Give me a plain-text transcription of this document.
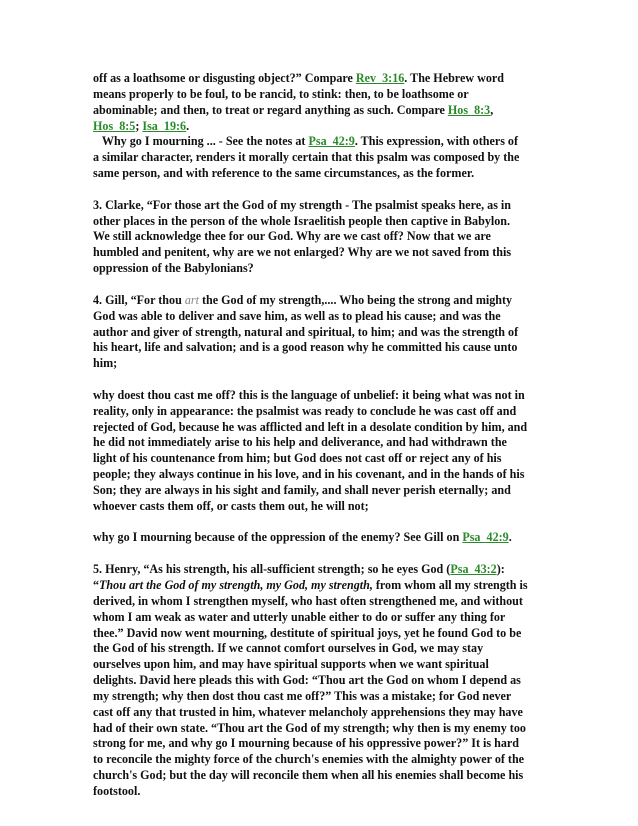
off as a loathsome or disgusting object?” Compare Rev_3:16. The Hebrew word
means properly to be foul, to be rancid, to stink: then, to be loathsome or
abominable; and then, to treat or regard anything as such. Compare Hos_8:3,
Hos_8:5; Isa_19:6.
Why go I mourning ... - See the notes at Psa_42:9. This expression, with others of
a similar character, renders it morally certain that this psalm was composed by the
same person, and with reference to the same circumstances, as the former.
3. Clarke, “For those art the God of my strength - The psalmist speaks here, as in
other places in the person of the whole Israelitish people then captive in Babylon.
We still acknowledge thee for our God. Why are we cast off? Now that we are
humbled and penitent, why are we not enlarged? Why are we not saved from this
oppression of the Babylonians?
4. Gill, “For thou art the God of my strength,.... Who being the strong and mighty
God was able to deliver and save him, as well as to plead his cause; and was the
author and giver of strength, natural and spiritual, to him; and was the strength of
his heart, life and salvation; and is a good reason why he committed his cause unto
him;
why doest thou cast me off? this is the language of unbelief: it being what was not in
reality, only in appearance: the psalmist was ready to conclude he was cast off and
rejected of God, because he was afflicted and left in a desolate condition by him, and
he did not immediately arise to his help and deliverance, and had withdrawn the
light of his countenance from him; but God does not cast off or reject any of his
people; they always continue in his love, and in his covenant, and in the hands of his
Son; they are always in his sight and family, and shall never perish eternally; and
whoever casts them off, or casts them out, he will not;
why go I mourning because of the oppression of the enemy? See Gill on Psa_42:9.
5. Henry, “As his strength, his all-sufficient strength; so he eyes God (Psa_43:2):
“Thou art the God of my strength, my God, my strength, from whom all my strength is
derived, in whom I strengthen myself, who hast often strengthened me, and without
whom I am weak as water and utterly unable either to do or suffer any thing for
thee.” David now went mourning, destitute of spiritual joys, yet he found God to be
the God of his strength. If we cannot comfort ourselves in God, we may stay
ourselves upon him, and may have spiritual supports when we want spiritual
delights. David here pleads this with God: “Thou art the God on whom I depend as
my strength; why then dost thou cast me off?” This was a mistake; for God never
cast off any that trusted in him, whatever melancholy apprehensions they may have
had of their own state. “Thou art the God of my strength; why then is my enemy too
strong for me, and why go I mourning because of his oppressive power?” It is hard
to reconcile the mighty force of the church's enemies with the almighty power of the
church's God; but the day will reconcile them when all his enemies shall become his
footstool.
